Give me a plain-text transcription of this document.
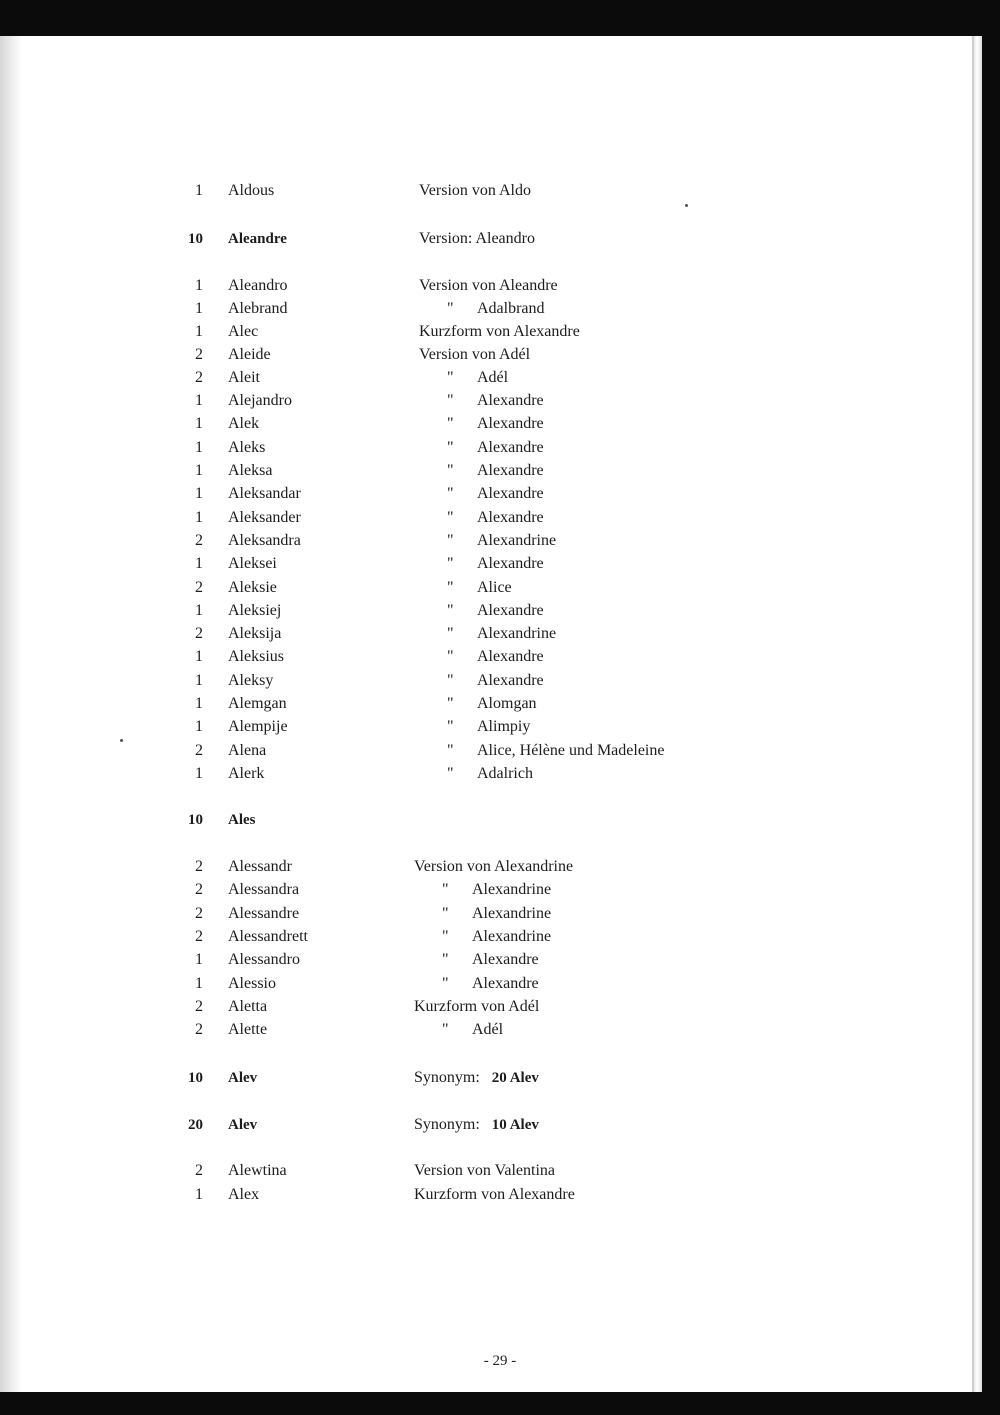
1 Aldous	Version von Aldo
10 Aleandre	Version: Aleandro
1 Aleandro	Version von Aleandre
1 Alebrand	" Adalbrand
1 Alec	Kurzform von Alexandre
2 Aleide	Version von Adél
2 Aleit	" Adél
1 Alejandro	" Alexandre
1 Alek	" Alexandre
1 Aleks	" Alexandre
1 Aleksa	" Alexandre
1 Aleksandar	" Alexandre
1 Aleksander	" Alexandre
2 Aleksandra	" Alexandrine
1 Aleksei	" Alexandre
2 Aleksie	" Alice
1 Aleksiej	" Alexandre
2 Aleksija	" Alexandrine
1 Aleksius	" Alexandre
1 Aleksy	" Alexandre
1 Alemgan	" Alomgan
1 Alempije	" Alimpiy
2 Alena	" Alice, Hélène und Madeleine
1 Alerk	" Adalrich
10 Ales
2 Alessandr	Version von Alexandrine
2 Alessandra	" Alexandrine
2 Alessandre	" Alexandrine
2 Alessandrett	" Alexandrine
1 Alessandro	" Alexandre
1 Alessio	" Alexandre
2 Aletta	Kurzform von Adél
2 Alette	" Adél
10 Alev	Synonym: 20 Alev
20 Alev	Synonym: 10 Alev
2 Alewtina	Version von Valentina
1 Alex	Kurzform von Alexandre
- 29 -
